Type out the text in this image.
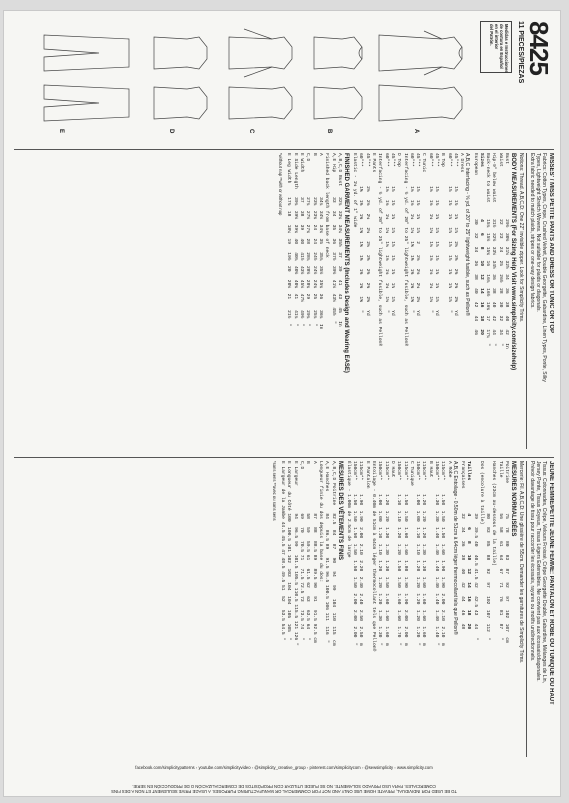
8425
11 PIECES/PIEZAS
Medidas e Instrucciones
de costura en Español
en el interior
del Patrón.
A
B
C
D
E
MISSES' / MISS PETITE PANTS AND DRESS OR TUNIC OR TOP
Fabrics: Cotton Types, Crepe, Crushed Velvet, Double Georgette, Gabardine, Linen Types, Ponte, Silky
Types, Lightweight Stretch Wovens. Not suitable for plaids or diagonals.
Extra fabric needed to match plaids, stripes or one-way design fabrics.
Notions: Thread. A,B,C,D: One 22" invisible zipper. Look for Simplicity Trims.
BODY MEASUREMENTS (For Sizing Help Visit www.simplicity.com/sizehelp)
Bust                    29½  30½  31½  32½  34   36   38   40   42   In
Waist                   22   23   24   25   26½  28   30   32   34   "
Hip-9" below waist      31½  32½  33½  34½  36   38   40   42   44   "
Back-neck to waist      15¼  15½  15¾  16   16¼  16½  16¾  17   17¼  "
Sizes                   4    6    8    10   12   14   16   18   20
European                30   32   34   36   38   40   42   44   46
A,B,C Interfacing - ⅝ yd. of 20" to 25" lightweight fusible, such as Pellon®
A Dress
45"**       1⅞   1⅞   1⅞   1⅞   2⅛   2⅜   2⅜   2⅜   2⅜   Yd
60"**       1⅞   1⅞   1⅞   1⅞   1⅞   1⅞   1⅞   1⅞   1⅞   "
B Top
45"**       1⅞   1⅞   1⅞   1⅞   1⅞   1⅞   1⅞   1⅞   1⅞   Yd
60"**       1⅛   1⅛   1⅛   1⅛   1⅛   1⅛   1⅛   1⅛   1⅛   "
C Tunic
45"**       1⅞   1⅞   1⅞   1⅞   2    2⅛   2⅛   2⅛   2⅛   Yd
60"**       1⅛   1⅛   1⅛   1⅛   1⅝   1⅝   1⅝   1⅝   1⅝   "
Interfacing - ½ yd. of 20" to 25" lightweight fusible, such as Pellon®
D Top
45"**       1⅞   1⅞   1⅞   1⅞   1⅞   1⅞   1⅞   1⅞   1⅞   Yd
60"**       1⅛   1⅛   1⅛   1⅛   1⅛   1⅛   1⅛   1⅛   1⅛   "
Interfacing - ½ yd. of 20" to 25" lightweight fusible, such as Pellon®
E Pants
45"**       2⅛   2⅛   2⅛   2⅛   2⅛   2⅜   2⅜   2⅜   2⅜   Yd
60"**       1⅝   1⅝   1⅝   1⅝   1⅝   1⅝   1⅝   1⅝   1⅝   "
Elastic - 1⅛ yd. of 1" wide
FINISHED GARMENT MEASUREMENTS (Includes Design and Wearing EASE)
A,B,C,D Bust    32¼  33¼  34¼  35½  37   39   41   43   45   In
A,E Hip         33   34   35   36   37½  39½  41½  43½  45½  "
Finished back length from base of neck
A               34¼  34½  34¾  35   35¼  35½  35¾  36    36¼  In
B               23¾  23¾  24   24   24½  24½  24¾  25    25¼  "
C,D             27¼  27½  27¾  28   28¼  28½  28¾  29    29¼  "
E Width         37   38   39   40   41½  43½  45½  47½   49½  "
E Side Length   39¼  39½  39¾  40   40¼  40½  40¾  41    41¼  "
E Leg Width     17⅞  18   18¼  19   19½  20   20½  21    21½  "
*without nap **with or without nap
JEUNE FEMME/PETITE JEUNE FEMME: PANTALON ET ROBE OU TUNIQUE OU HAUT
Tissus: Cotonnades, Crêpe, Velours Froissé, Crêpe Georgette Double, Gabardine, Mélanges de Lin,
Jersey Ponte, Tissus Soyeux, Tissus Légers Extensibles. Ne convient pas aux écossais/diagonales.
Prévoir davantage de tissu pour raccorder les écossais, rayures ou motifs unidirectionnels.
Mercerie: Fil. A,B,C,D: Une glissière de 55cm. Demander les garnitures de Simplicity Trims.
MESURES NORMALISÉES
Poitrine           75   78   80   83   87   92   97   102  107  cm
Taille             56   58   61   64   67   71   76   81   87   "
Hanches (23cm au-dessous de la taille)
80   83   85   88   92   97   102  107  112  "
Dos (encolure à taille)
39   39.5 40   40.5 41.5 42   42.5 43   44   "
Tailles            4    6    8    10   12   14   16   18   20
Françaises         32   34   36   38   40   42   44   46   48
A,B,C Entoilage - 0.50m de 51cm à 64cm léger thermocollant tels que Pellon®
A Robe
115cm**     1.50  1.50  1.50  1.60  1.90  1.90  2.00  2.10  2.10  m
150cm**     1.30  1.30  1.40  1.40  1.40  1.40  1.40  1.40  1.40  "
B Haut
115cm**     1.20  1.20  1.20  1.30  1.30  1.60  1.60  1.60  1.60  m
150cm**     1.00  1.00  1.10  1.10  1.20  1.20  1.20  1.20  1.20  "
C Tunique
115cm**     1.50  1.50  1.60  1.60  1.80  1.90  1.90  2.00  2.00  m
150cm**     1.10  1.10  1.20  1.20  1.50  1.50  1.60  1.60  1.70  "
D Haut
115cm**     1.20  1.20  1.30  1.30  1.30  1.50  1.60  1.60  1.60  m
150cm**     1.00  1.00  1.10  1.10  1.20  1.20  1.20  1.30  1.30  "
Entoilage - 0.40m de 51cm à 64cm léger thermocollant tels que Pellon®
E Pantalon
115cm**     1.90  1.90  2.00  2.10  2.20  2.40  2.40  2.50  2.50  m
150cm**     1.50  1.50  1.50  1.50  1.50  1.50  2.00  2.00  2.00  "
Élastique - 1.00m de 2.5cm de large
MESURES DES VÊTEMENTS FINIS
A,B,C,D Poitrine   82.5  84   87   90   94   99   104  110  115  cm
A,E Hanches        84    86.5 89   91.5 96.5 100.5 106 111  116  "
Longueur finie du dos depuis la base du dos:
A                  87   88   88.5 89   89.5 90   91   91.5 92.5 cm
B                  58   59   59.5 61   61.5 62   63   63.5 64   "
C,D                69   70   70.5 71   71.5 72.5 73   73.5 74   "
E Largeur          94   96.5 99   101.5 105.5 110.5 115.5 121 126 "
E Longueur du Côté 100  100.5 101 102  103  104  104  105  105  "
E Largeur de la Jambe 44.5 45.5 47 48.5 49.5 51  52   53.5 54.5 "
*sans sens **avec ou sans sens
facebook.com/simplicitypatterns ◦ youtube.com/simplicityvideo ◦ @simplicity_creative_group ◦ pinterest.com/simplicitycom ◦ @sewsimplicity ◦ www.simplicity.com
TO BE USED FOR INDIVIDUAL, PRIVATE HOME USE ONLY AND NOT FOR COMMERCIAL OR MANUFACTURING PURPOSES. A USAGE PRIVE SEULEMENT ET NON A DES FINS
COMERCIALES. PARA USO PRIVADO SOLAMENTE. NO SE PUEDE UTILIZAR CON PROPÓSITOS DE COMERCIALIZACIÓN O DE PRODUCCIÓN EN SERIE.
